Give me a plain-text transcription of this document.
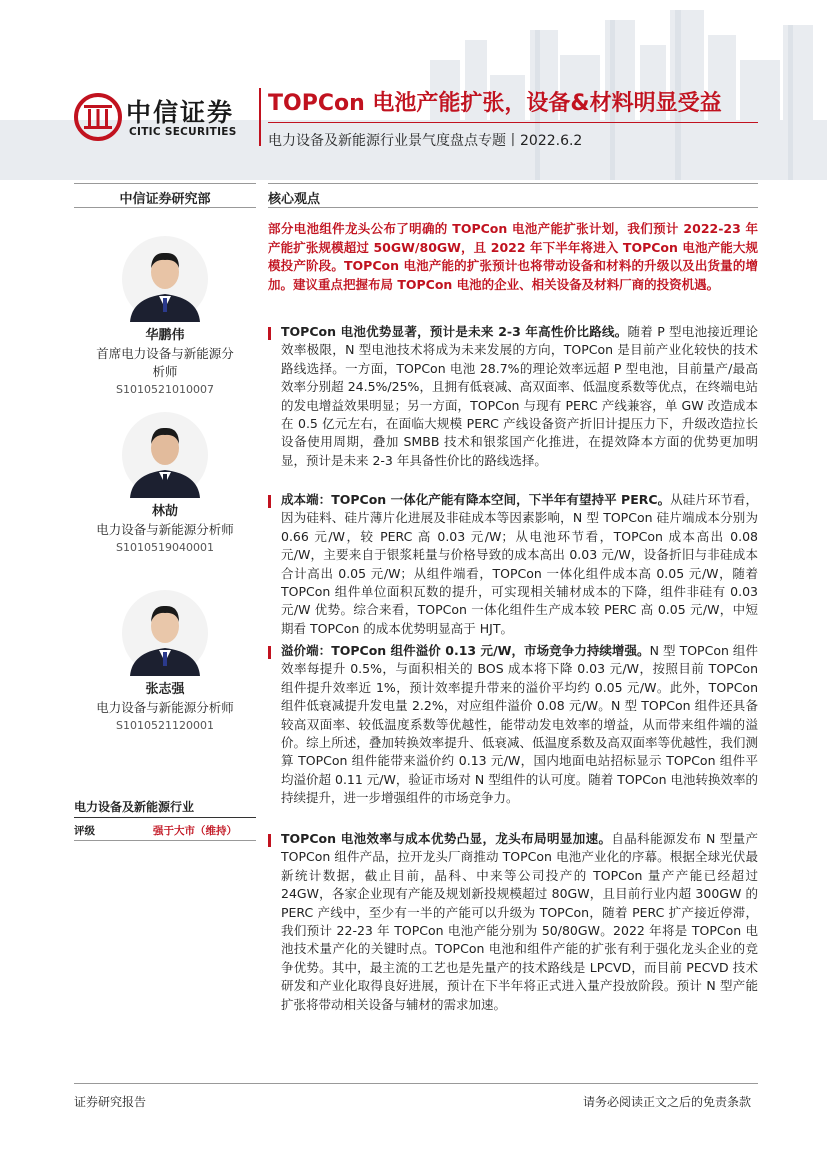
中信证券
CITIC SECURITIES
TOPCon 电池产能扩张，设备&材料明显受益
电力设备及新能源行业景气度盘点专题丨2022.6.2
中信证券研究部
华鹏伟
首席电力设备与新能源分析师
S1010521010007
林劼
电力设备与新能源分析师
S1010519040001
张志强
电力设备与新能源分析师
S1010521120001
电力设备及新能源行业
评级	强于大市（维持）
核心观点
部分电池组件龙头公布了明确的 TOPCon 电池产能扩张计划，我们预计 2022-23 年产能扩张规模超过 50GW/80GW，且 2022 年下半年将进入 TOPCon 电池产能大规模投产阶段。TOPCon 电池产能的扩张预计也将带动设备和材料的升级以及出货量的增加。建议重点把握布局 TOPCon 电池的企业、相关设备及材料厂商的投资机遇。
TOPCon 电池优势显著，预计是未来 2-3 年高性价比路线。随着 P 型电池接近理论效率极限，N 型电池技术将成为未来发展的方向，TOPCon 是目前产业化较快的技术路线选择。一方面，TOPCon 电池 28.7%的理论效率远超 P 型电池，目前量产/最高效率分别超 24.5%/25%，且拥有低衰减、高双面率、低温度系数等优点，在终端电站的发电增益效果明显；另一方面，TOPCon 与现有 PERC 产线兼容，单 GW 改造成本在 0.5 亿元左右，在面临大规模 PERC 产线设备资产折旧计提压力下，升级改造拉长设备使用周期，叠加 SMBB 技术和银浆国产化推进，在提效降本方面的优势更加明显，预计是未来 2-3 年具备性价比的路线选择。
成本端：TOPCon 一体化产能有降本空间，下半年有望持平 PERC。从硅片环节看，因为硅料、硅片薄片化进展及非硅成本等因素影响，N 型 TOPCon 硅片端成本分别为 0.66 元/W，较 PERC 高 0.03 元/W；从电池环节看，TOPCon 成本高出 0.08 元/W，主要来自于银浆耗量与价格导致的成本高出 0.03 元/W，设备折旧与非硅成本合计高出 0.05 元/W；从组件端看，TOPCon 一体化组件成本高 0.05 元/W，随着 TOPCon 组件单位面积瓦数的提升，可实现相关辅材成本的下降，组件非硅有 0.03 元/W 优势。综合来看，TOPCon 一体化组件生产成本较 PERC 高 0.05 元/W，中短期看 TOPCon 的成本优势明显高于 HJT。
溢价端：TOPCon 组件溢价 0.13 元/W，市场竞争力持续增强。N 型 TOPCon 组件效率每提升 0.5%，与面积相关的 BOS 成本将下降 0.03 元/W，按照目前 TOPCon 组件提升效率近 1%，预计效率提升带来的溢价平均约 0.05 元/W。此外，TOPCon 组件低衰减提升发电量 2.2%，对应组件溢价 0.08 元/W。N 型 TOPCon 组件还具备较高双面率、较低温度系数等优越性，能带动发电效率的增益，从而带来组件端的溢价。综上所述，叠加转换效率提升、低衰减、低温度系数及高双面率等优越性，我们测算 TOPCon 组件能带来溢价约 0.13 元/W，国内地面电站招标显示 TOPCon 组件平均溢价超 0.11 元/W，验证市场对 N 型组件的认可度。随着 TOPCon 电池转换效率的持续提升，进一步增强组件的市场竞争力。
TOPCon 电池效率与成本优势凸显，龙头布局明显加速。自晶科能源发布 N 型量产 TOPCon 组件产品，拉开龙头厂商推动 TOPCon 电池产业化的序幕。根据全球光伏最新统计数据，截止目前，晶科、中来等公司投产的 TOPCon 量产产能已经超过 24GW，各家企业现有产能及规划新投规模超过 80GW，且目前行业内超 300GW 的 PERC 产线中，至少有一半的产能可以升级为 TOPCon，随着 PERC 扩产接近停滞，我们预计 22-23 年 TOPCon 电池产能分别为 50/80GW。2022 年将是 TOPCon 电池技术量产化的关键时点。TOPCon 电池和组件产能的扩张有利于强化龙头企业的竞争优势。其中，最主流的工艺也是先量产的技术路线是 LPCVD，而目前 PECVD 技术研发和产业化取得良好进展，预计在下半年将正式进入量产投放阶段。预计 N 型产能扩张将带动相关设备与辅材的需求加速。
证券研究报告	请务必阅读正文之后的免责条款
